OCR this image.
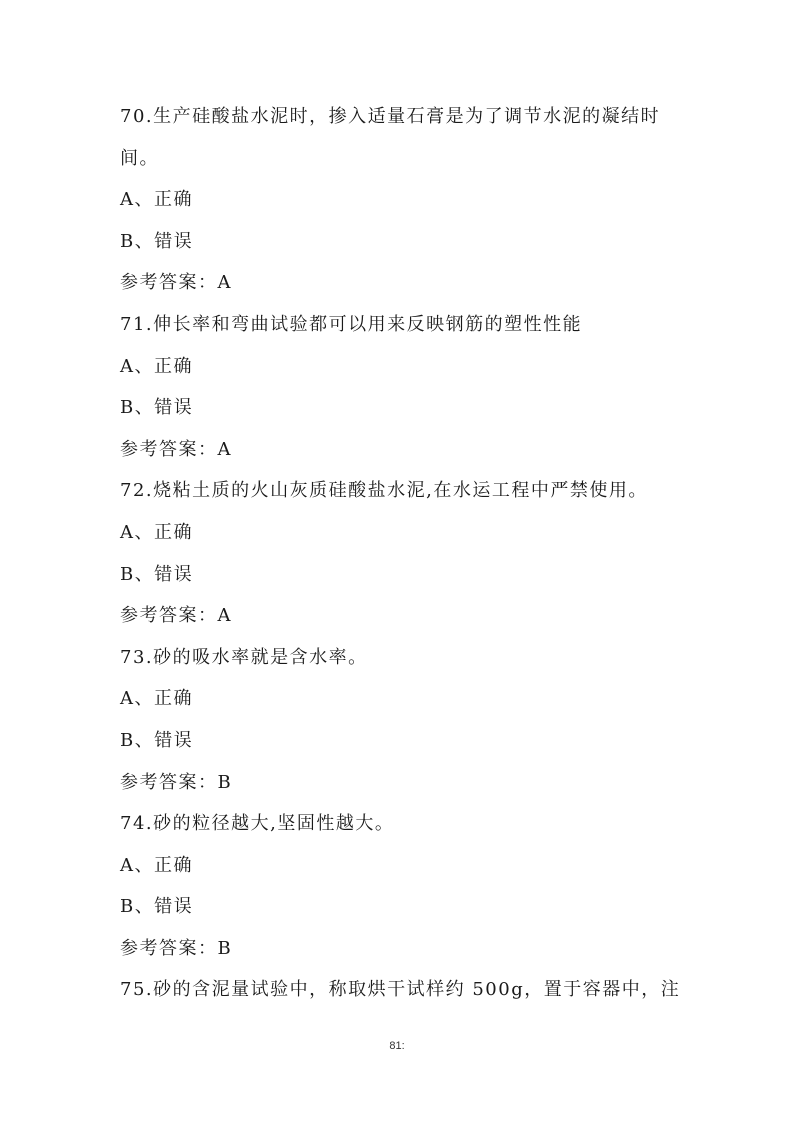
70.生产硅酸盐水泥时，掺入适量石膏是为了调节水泥的凝结时
间。
A、正确
B、错误
参考答案：A
71.伸长率和弯曲试验都可以用来反映钢筋的塑性性能
A、正确
B、错误
参考答案：A
72.烧粘土质的火山灰质硅酸盐水泥,在水运工程中严禁使用。
A、正确
B、错误
参考答案：A
73.砂的吸水率就是含水率。
A、正确
B、错误
参考答案：B
74.砂的粒径越大,坚固性越大。
A、正确
B、错误
参考答案：B
75.砂的含泥量试验中，称取烘干试样约 500g，置于容器中，注
81:
